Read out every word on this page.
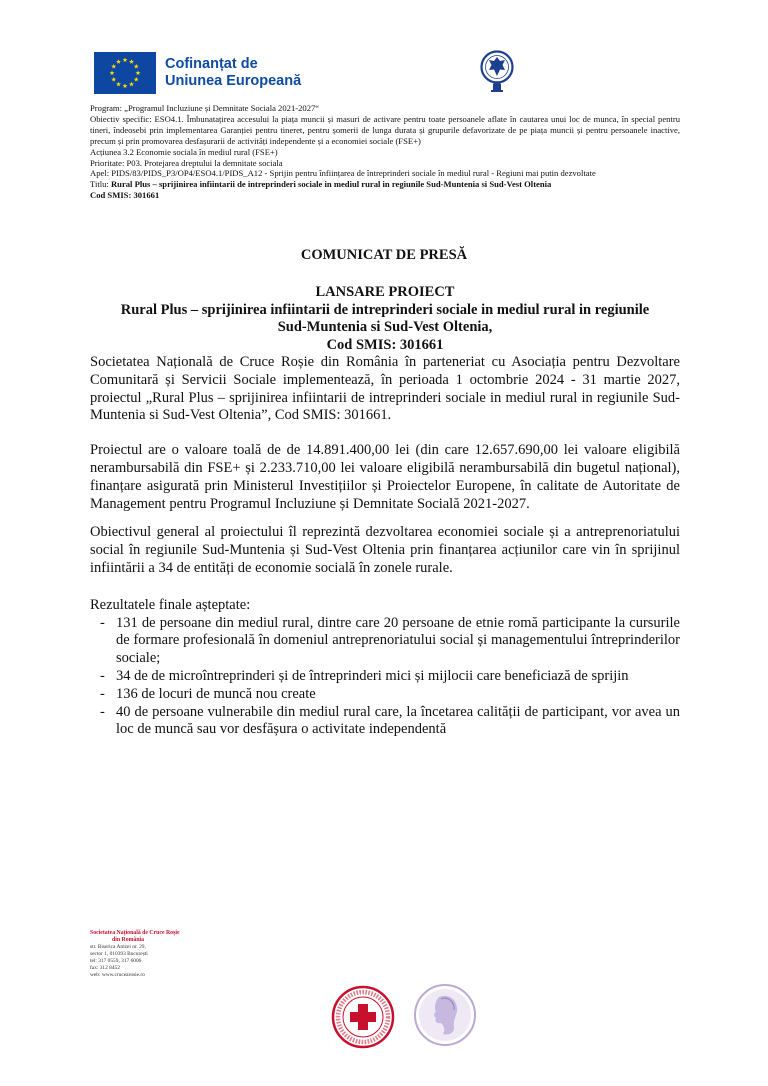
Cofinanțat de
Uniunea Europeană

Program: „Programul Incluziune și Demnitate Sociala 2021-2027“

Obiectiv specific: ESO4.1. Îmbunatațirea accesului la piața muncii și masuri de activare pentru toate persoanele aflate în cautarea unui loc de munca, în special pentru tineri, îndeosebi prin implementarea Garanției pentru tineret, pentru șomerii de lunga durata și grupurile defavorizate de pe piața muncii și pentru persoanele inactive, precum și prin promovarea desfașurarii de activități independente și a economiei sociale (FSE+)

Acțiunea 3.2 Economie sociala în mediul rural (FSE+)

Prioritate: P03. Protejarea dreptului la demnitate sociala

Apel: PIDS/83/PIDS_P3/OP4/ESO4.1/PIDS_A12 - Sprijin pentru înființarea de întreprinderi sociale în mediul rural - Regiuni mai putin dezvoltate

Titlu: Rural Plus – sprijinirea infiintarii de intreprinderi sociale in mediul rural in regiunile Sud-Muntenia si Sud-Vest Oltenia

Cod SMIS: 301661

COMUNICAT DE PRESĂ
LANSARE PROIECT
Rural Plus – sprijinirea infiintarii de intreprinderi sociale in mediul rural in regiunile
Sud-Muntenia si Sud-Vest Oltenia,
Cod SMIS: 301661

Societatea Națională de Cruce Roșie din România în parteneriat cu Asociația pentru Dezvoltare Comunitară și Servicii Sociale implementează, în perioada 1 octombrie 2024 - 31 martie 2027, proiectul „Rural Plus – sprijinirea infiintarii de intreprinderi sociale in mediul rural in regiunile Sud-Muntenia si Sud-Vest Oltenia”, Cod SMIS: 301661.

Proiectul are o valoare toală de de 14.891.400,00 lei (din care 12.657.690,00 lei valoare eligibilă nerambursabilă din FSE+ și 2.233.710,00 lei valoare eligibilă nerambursabilă din bugetul național), finanțare asigurată prin Ministerul Investițiilor și Proiectelor Europene, în calitate de Autoritate de Management pentru Programul Incluziune și Demnitate Socială 2021-2027.

Obiectivul general al proiectului îl reprezintă dezvoltarea economiei sociale și a antreprenoriatului social în regiunile Sud-Muntenia și Sud-Vest Oltenia prin finanțarea acțiunilor care vin în sprijinul infiintării a 34 de entități de economie socială în zonele rurale.

Rezultatele finale așteptate:

- 131 de persoane din mediul rural, dintre care 20 persoane de etnie romă participante la cursurile de formare profesională în domeniul antreprenoriatului social și managementului întreprinderilor sociale;
- 34 de de microîntreprinderi și de întreprinderi mici și mijlocii care beneficiază de sprijin
- 136 de locuri de muncă nou create
- 40 de persoane vulnerabile din mediul rural care, la încetarea calității de participant, vor avea un loc de muncă sau vor desfășura o activitate independentă
Societatea Națională de Cruce Roșie
din România
str. Biserica Amzei nr. 29,
sector 1, 010393 București
tel: 317 0559, 317 6006
fax: 312 8452
web: www.crucearosie.ro
